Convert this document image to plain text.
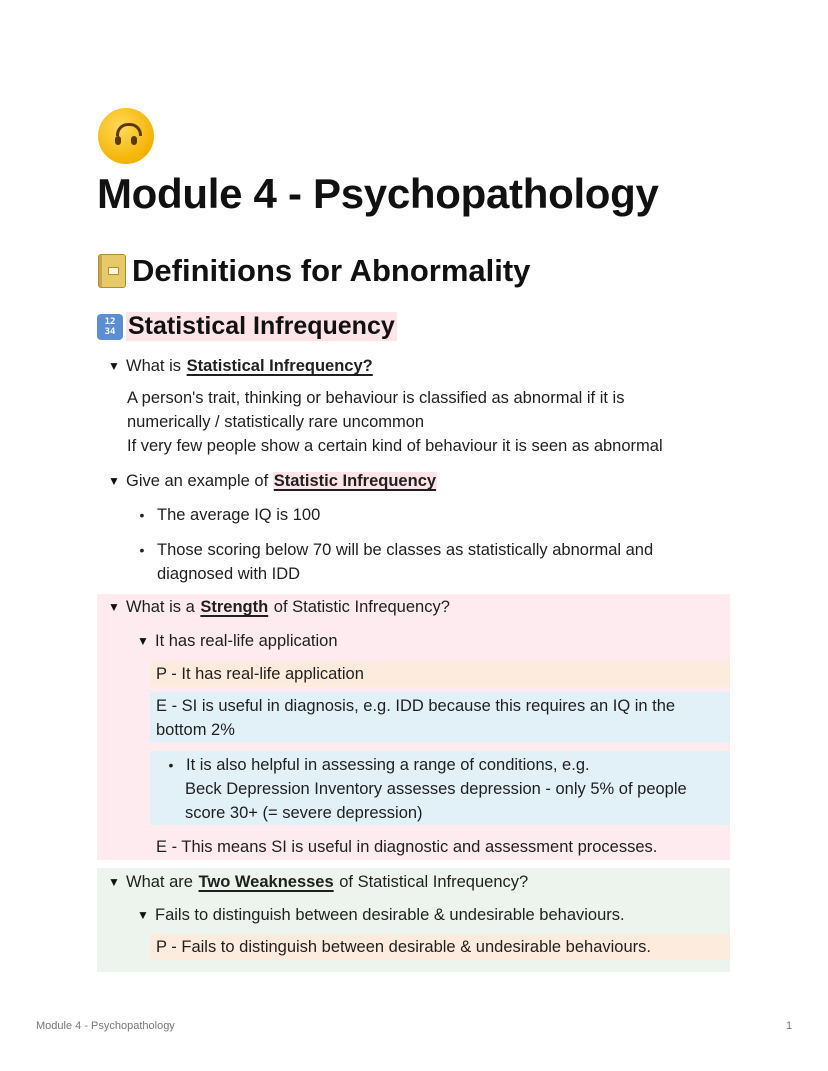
Module 4 - Psychopathology
Definitions for Abnormality
12 34 Statistical Infrequency
▼ What is Statistical Infrequency?
A person's trait, thinking or behaviour is classified as abnormal if it is
numerically / statistically rare uncommon
If very few people show a certain kind of behaviour it is seen as abnormal
▼ Give an example of Statistic Infrequency
• The average IQ is 100
• Those scoring below 70 will be classes as statistically abnormal and
diagnosed with IDD
▼ What is a Strength of Statistic Infrequency?
▼ It has real-life application
P - It has real-life application
E - SI is useful in diagnosis, e.g. IDD because this requires an IQ in the
bottom 2%
• It is also helpful in assessing a range of conditions, e.g.
Beck Depression Inventory assesses depression - only 5% of people
score 30+ (= severe depression)
E - This means SI is useful in diagnostic and assessment processes.
▼ What are Two Weaknesses of Statistical Infrequency?
▼ Fails to distinguish between desirable & undesirable behaviours.
P - Fails to distinguish between desirable & undesirable behaviours.
Module 4 - Psychopathology	1
